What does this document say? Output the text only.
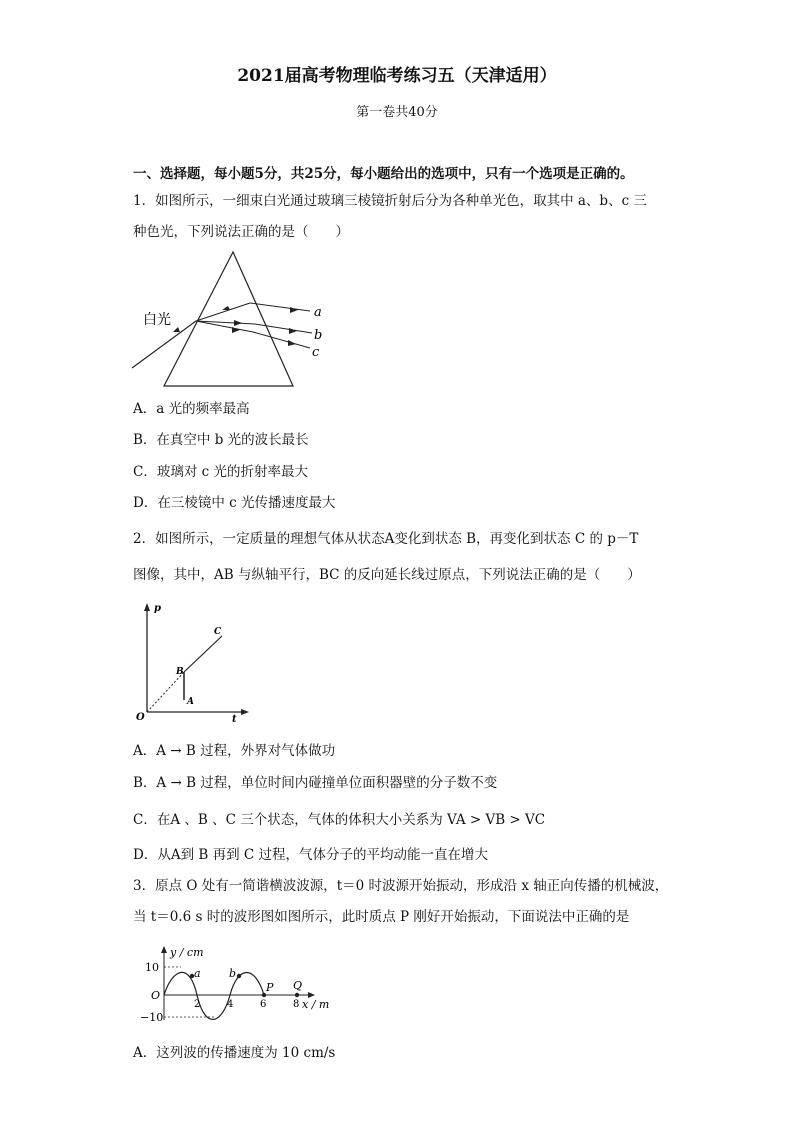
2021届高考物理临考练习五（天津适用）
第一卷共40分
一、选择题，每小题5分，共25分，每小题给出的选项中，只有一个选项是正确的。
1．如图所示，一细束白光通过玻璃三棱镜折射后分为各种单光色，取其中 a、b、c 三
种色光，下列说法正确的是（　　）
白光	a
b
c
A．a 光的频率最高
B．在真空中 b 光的波长最长
C．玻璃对 c 光的折射率最大
D．在三棱镜中 c 光传播速度最大
2．如图所示，一定质量的理想气体从状态A变化到状态 B，再变化到状态 C 的 p－T
图像，其中，AB 与纵轴平行，BC 的反向延长线过原点，下列说法正确的是（　　）
p
t
O
B
A
C
A．A → B 过程，外界对气体做功
B．A → B 过程，单位时间内碰撞单位面积器壁的分子数不变
C．在A 、B 、C 三个状态，气体的体积大小关系为 VA > VB > VC
D．从A到 B 再到 C 过程，气体分子的平均动能一直在增大
3．原点 O 处有一简谐横波波源，t＝0 时波源开始振动，形成沿 x 轴正向传播的机械波，
当 t＝0.6 s 时的波形图如图所示，此时质点 P 刚好开始振动，下面说法中正确的是
y / cm
x / m
10
−10
O
2	4	6	8
a	b
P Q
A．这列波的传播速度为 10 cm/s
